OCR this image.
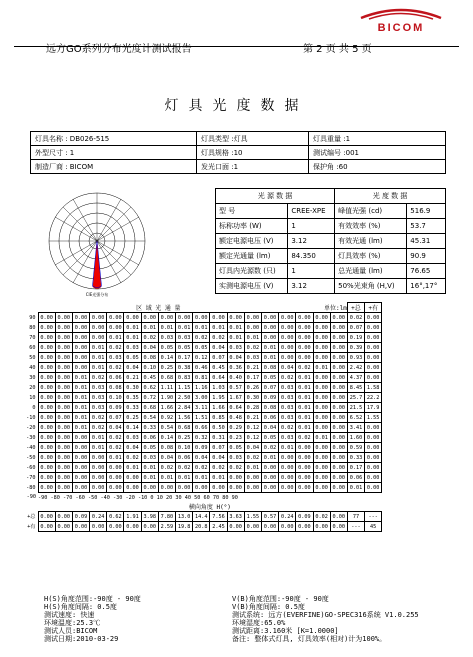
BICOM
远方GO系列分布光度计测试报告	第 2 页 共 5 页
灯具光度数据
灯具名称 : DB026-515	灯具类型 :灯具	灯具重量 :1
外型尺寸 : 1	灯具规格 :10	测试编号 :001
制造厂商 : BICOM	发光口面 :1	保护角 :60
CIE光强分布
光 源 数 据		光 度 数 据	
型 号	CREE-XPE	峰值光强 (cd)	516.9
标称功率 (W)	1	有效效率 (%)	53.7
额定电源电压 (V)	3.12	有效光通 (lm)	45.31
额定光通量 (lm)	84.350	灯具效率 (%)	90.9
灯具内光源数 (只)	1	总光通量 (lm)	76.65
实测电源电压 (V)	3.12	50%光束角 (H,V)	16°,17°
	区 域 光 通 量														单位:lm				+总	+有
90	0.00	0.00	0.00	0.00	0.00	0.00	0.00	0.00	0.00	0.00	0.00	0.00	0.00	0.00	0.00	0.00	0.00	0.00	0.02	0.00
80	0.00	0.00	0.00	0.00	0.00	0.01	0.01	0.01	0.01	0.01	0.01	0.01	0.00	0.00	0.00	0.00	0.00	0.00	0.07	0.00
70	0.00	0.00	0.00	0.00	0.01	0.01	0.02	0.03	0.03	0.02	0.02	0.01	0.01	0.00	0.00	0.00	0.00	0.00	0.19	0.00
60	0.00	0.00	0.00	0.01	0.02	0.03	0.04	0.05	0.05	0.05	0.04	0.03	0.02	0.01	0.00	0.00	0.00	0.00	0.39	0.00
50	0.00	0.00	0.00	0.01	0.03	0.05	0.08	0.14	0.17	0.12	0.07	0.04	0.03	0.01	0.00	0.00	0.00	0.00	0.93	0.00
40	0.00	0.00	0.00	0.01	0.02	0.04	0.10	0.25	0.38	0.46	0.45	0.36	0.21	0.08	0.04	0.02	0.01	0.00	2.42	0.00
30	0.00	0.00	0.01	0.02	0.06	0.21	0.45	0.68	0.83	0.81	0.64	0.40	0.17	0.05	0.02	0.01	0.00	0.00	4.37	0.00
20	0.00	0.00	0.01	0.03	0.08	0.30	0.62	1.11	1.15	1.16	1.03	0.57	0.26	0.07	0.03	0.01	0.00	0.00	8.45	1.58
10	0.00	0.00	0.01	0.03	0.10	0.35	0.72	1.90	2.50	3.00	1.95	1.67	0.30	0.09	0.03	0.01	0.00	0.00	25.7	22.2
0	0.00	0.00	0.01	0.03	0.09	0.33	0.68	1.66	2.84	3.11	1.66	0.64	0.28	0.08	0.03	0.01	0.00	0.00	21.5	17.9
-10	0.00	0.00	0.01	0.02	0.07	0.25	0.54	0.92	1.56	1.51	0.85	0.48	0.21	0.06	0.03	0.01	0.00	0.00	6.52	1.55
-20	0.00	0.00	0.01	0.02	0.04	0.14	0.33	0.54	0.68	0.66	0.50	0.29	0.12	0.04	0.02	0.01	0.00	0.00	3.41	0.00
-30	0.00	0.00	0.00	0.01	0.02	0.03	0.06	0.14	0.25	0.32	0.31	0.23	0.12	0.05	0.03	0.02	0.01	0.00	1.60	0.00
-40	0.00	0.00	0.00	0.01	0.02	0.04	0.05	0.08	0.10	0.09	0.07	0.05	0.04	0.02	0.01	0.00	0.00	0.00	0.59	0.00
-50	0.00	0.00	0.00	0.00	0.01	0.02	0.03	0.04	0.06	0.04	0.04	0.03	0.02	0.01	0.00	0.00	0.00	0.00	0.33	0.00
-60	0.00	0.00	0.00	0.00	0.00	0.01	0.01	0.02	0.02	0.02	0.02	0.02	0.01	0.00	0.00	0.00	0.00	0.00	0.17	0.00
-70	0.00	0.00	0.00	0.00	0.00	0.00	0.01	0.01	0.01	0.01	0.01	0.00	0.00	0.00	0.00	0.00	0.00	0.00	0.06	0.00
-80	0.00	0.00	0.00	0.00	0.00	0.00	0.00	0.00	0.00	0.00	0.00	0.00	0.00	0.00	0.00	0.00	0.00	0.00	0.01	0.00
-90	-90 -80 -70 -60 -50 -40 -30 -20 -10 0 10 20 30 40 50 60 70 80 90																			
	横向角度 H(°)																			
+总	0.00	0.00	0.09	0.24	0.62	1.91	3.98	7.80	13.0	14.4	7.56	3.63	1.55	0.57	0.24	0.09	0.02	0.00	77	---
+有	0.00	0.00	0.00	0.00	0.00	0.00	0.00	2.59	19.8	20.8	2.45	0.00	0.00	0.00	0.00	0.00	0.00	0.00	---	45
H(S)角度范围:-90度 - 90度
H(S)角度间隔: 0.5度
测试速度: 快速
环境温度:25.3℃
测试人员:BICOM
测试日期:2010-03-29
V(B)角度范围:-90度 - 90度
V(B)角度间隔: 0.5度
测试系统: 远方(EVERFINE)GO-SPEC316系统 V1.0.255
环境湿度:65.0%
测试距离:3.160米 [K=1.0000]
备注: 整体式灯具, 灯具效率(相对)计为100%。
